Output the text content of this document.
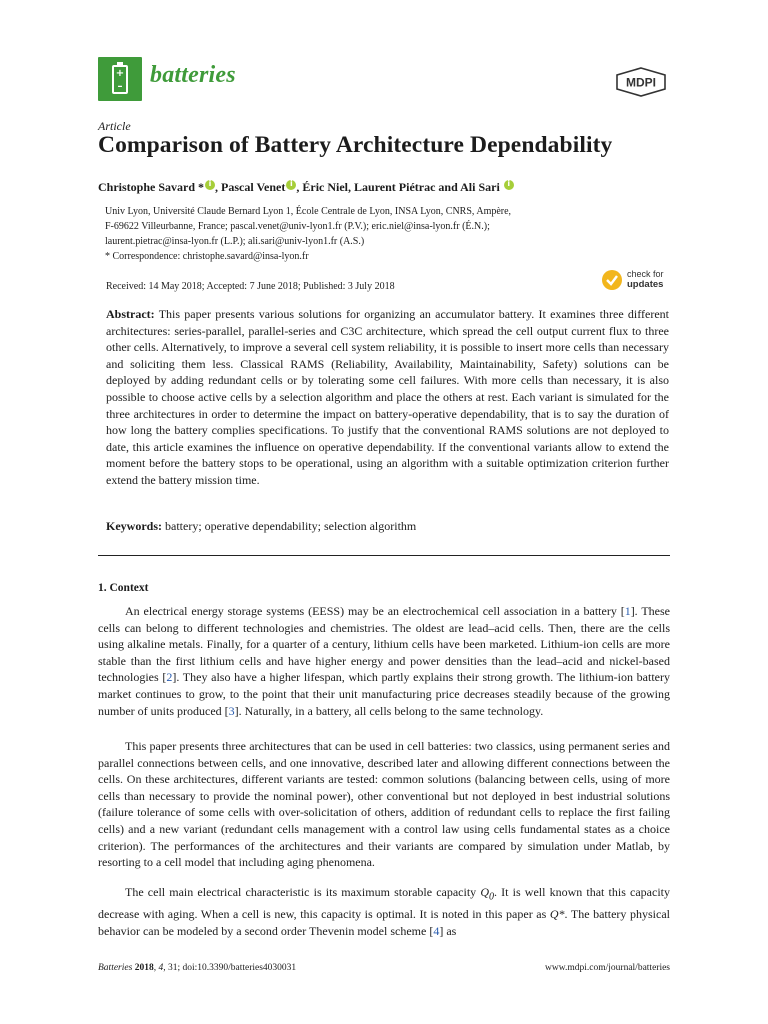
+
– batteries	MDPI
Article
Comparison of Battery Architecture Dependability
Christophe Savard * i , Pascal Venet i , Éric Niel, Laurent Piétrac and Ali Sari i
Univ Lyon, Université Claude Bernard Lyon 1, École Centrale de Lyon, INSA Lyon, CNRS, Ampère,
F-69622 Villeurbanne, France; pascal.venet@univ-lyon1.fr (P.V.); eric.niel@insa-lyon.fr (É.N.);
laurent.pietrac@insa-lyon.fr (L.P.); ali.sari@univ-lyon1.fr (A.S.)
* Correspondence: christophe.savard@insa-lyon.fr
Received: 14 May 2018; Accepted: 7 June 2018; Published: 3 July 2018
check for
updates
Abstract: This paper presents various solutions for organizing an accumulator battery. It examines three different architectures: series-parallel, parallel-series and C3C architecture, which spread the cell output current flux to three other cells. Alternatively, to improve a several cell system reliability, it is possible to insert more cells than necessary and soliciting them less. Classical RAMS (Reliability, Availability, Maintainability, Safety) solutions can be deployed by adding redundant cells or by tolerating some cell failures. With more cells than necessary, it is also possible to choose active cells by a selection algorithm and place the others at rest. Each variant is simulated for the three architectures in order to determine the impact on battery-operative dependability, that is to say the duration of how long the battery complies specifications. To justify that the conventional RAMS solutions are not deployed to date, this article examines the influence on operative dependability. If the conventional variants allow to extend the moment before the battery stops to be operational, using an algorithm with a suitable optimization criterion further extend the battery mission time.
Keywords: battery; operative dependability; selection algorithm
1. Context

An electrical energy storage systems (EESS) may be an electrochemical cell association in a battery [1]. These cells can belong to different technologies and chemistries. The oldest are lead–acid cells. Then, there are the cells using alkaline metals. Finally, for a quarter of a century, lithium cells have been marketed. Lithium-ion cells are more stable than the first lithium cells and have higher energy and power densities than the lead–acid and nickel-based technologies [2]. They also have a higher lifespan, which partly explains their strong growth. The lithium-ion battery market continues to grow, to the point that their unit manufacturing price decreases steadily because of the growing number of units produced [3]. Naturally, in a battery, all cells belong to the same technology.

This paper presents three architectures that can be used in cell batteries: two classics, using permanent series and parallel connections between cells, and one innovative, described later and allowing different connections between the cells. On these architectures, different variants are tested: common solutions (balancing between cells, using of more cells than necessary to provide the nominal power), other conventional but not deployed in best industrial solutions (failure tolerance of some cells with over-solicitation of others, addition of redundant cells to replace the first failing cells) and a new variant (redundant cells management with a control law using cells fundamental states as a choice criterion). The performances of the architectures and their variants are compared by simulation under Matlab, by resorting to a cell model that including aging phenomena.

The cell main electrical characteristic is its maximum storable capacity $Q_0$. It is well known that this capacity decrease with aging. When a cell is new, this capacity is optimal. It is noted in this paper as Q*. The battery physical behavior can be modeled by a second order Thevenin model scheme [4] as

Batteries 2018, 4, 31; doi:10.3390/batteries4030031	www.mdpi.com/journal/batteries
